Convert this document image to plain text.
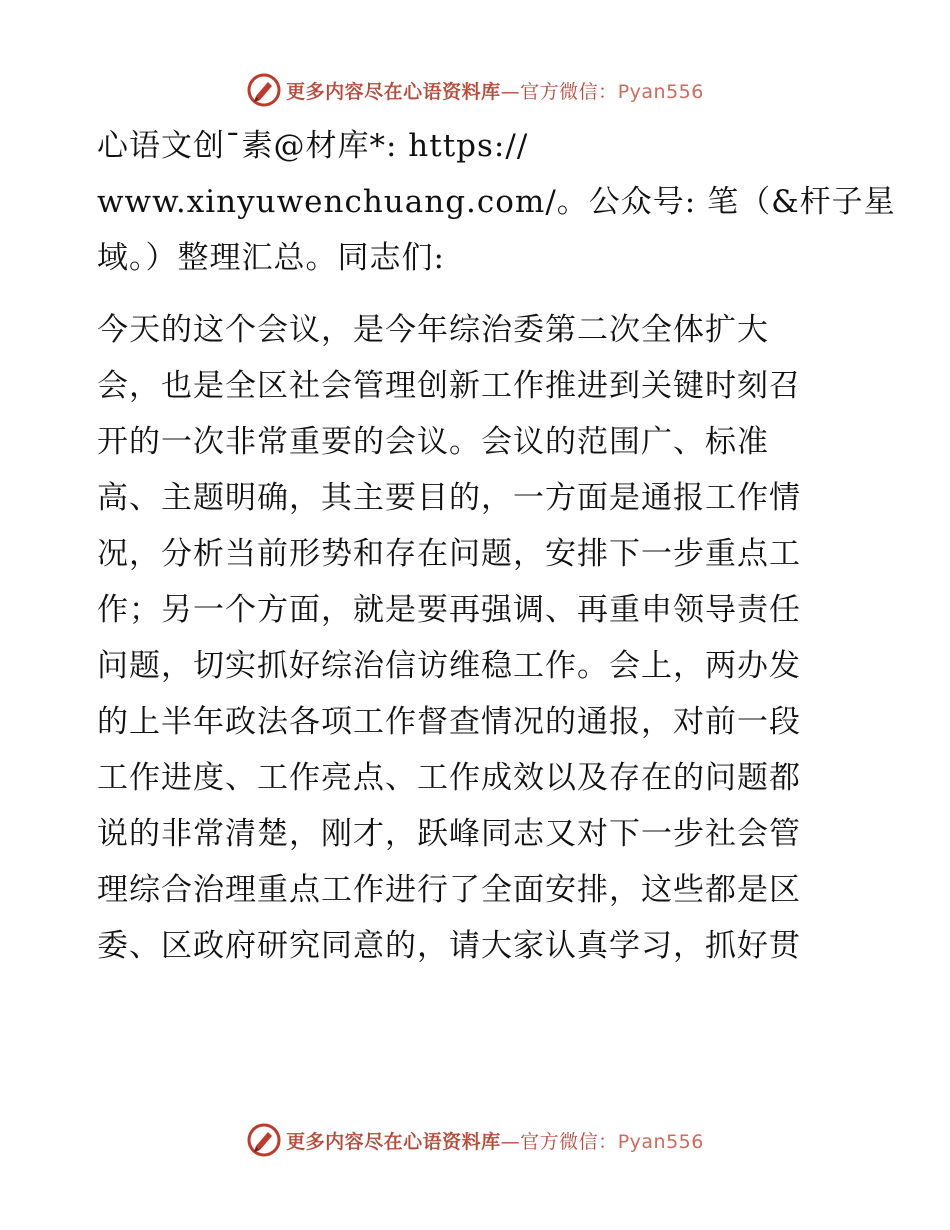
更多内容尽在心语资料库—官方微信：Pyan556

心语文创¯素@材库*: https://
www.xinyuwenchuang.com/。公众号: 笔（&杆子星
域。）整理汇总。同志们:

今天的这个会议，是今年综治委第二次全体扩大
会，也是全区社会管理创新工作推进到关键时刻召
开的一次非常重要的会议。会议的范围广、标准
高、主题明确，其主要目的，一方面是通报工作情
况，分析当前形势和存在问题，安排下一步重点工
作；另一个方面，就是要再强调、再重申领导责任
问题，切实抓好综治信访维稳工作。会上，两办发
的上半年政法各项工作督查情况的通报，对前一段
工作进度、工作亮点、工作成效以及存在的问题都
说的非常清楚，刚才，跃峰同志又对下一步社会管
理综合治理重点工作进行了全面安排，这些都是区
委、区政府研究同意的，请大家认真学习，抓好贯

更多内容尽在心语资料库—官方微信：Pyan556
